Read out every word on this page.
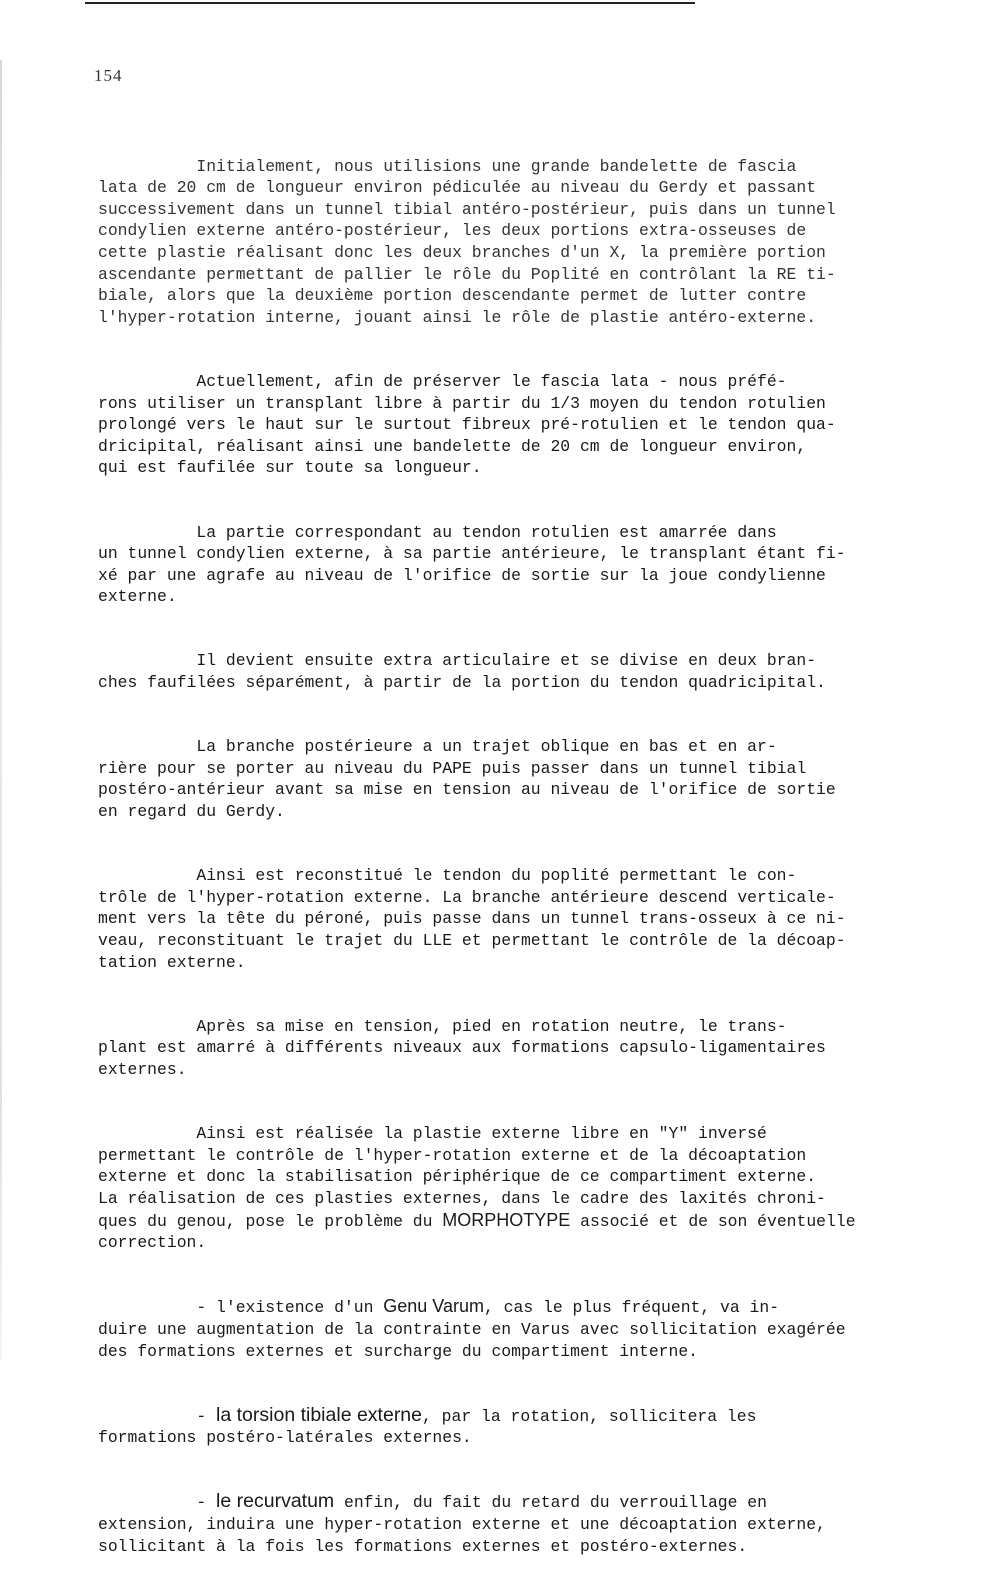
154

Initialement, nous utilisions une grande bandelette de fascia
lata de 20 cm de longueur environ pédiculée au niveau du Gerdy et passant
successivement dans un tunnel tibial antéro-postérieur, puis dans un tunnel
condylien externe antéro-postérieur, les deux portions extra-osseuses de
cette plastie réalisant donc les deux branches d'un X, la première portion
ascendante permettant de pallier le rôle du Poplité en contrôlant la RE ti-
biale, alors que la deuxième portion descendante permet de lutter contre
l'hyper-rotation interne, jouant ainsi le rôle de plastie antéro-externe.

Actuellement, afin de préserver le fascia lata - nous préfé-
rons utiliser un transplant libre à partir du 1/3 moyen du tendon rotulien
prolongé vers le haut sur le surtout fibreux pré-rotulien et le tendon qua-
dricipital, réalisant ainsi une bandelette de 20 cm de longueur environ,
qui est faufilée sur toute sa longueur.

La partie correspondant au tendon rotulien est amarrée dans
un tunnel condylien externe, à sa partie antérieure, le transplant étant fi-
xé par une agrafe au niveau de l'orifice de sortie sur la joue condylienne
externe.

Il devient ensuite extra articulaire et se divise en deux bran-
ches faufilées séparément, à partir de la portion du tendon quadricipital.

La branche postérieure a un trajet oblique en bas et en ar-
rière pour se porter au niveau du PAPE puis passer dans un tunnel tibial
postéro-antérieur avant sa mise en tension au niveau de l'orifice de sortie
en regard du Gerdy.

Ainsi est reconstitué le tendon du poplité permettant le con-
trôle de l'hyper-rotation externe. La branche antérieure descend verticale-
ment vers la tête du péroné, puis passe dans un tunnel trans-osseux à ce ni-
veau, reconstituant le trajet du LLE et permettant le contrôle de la décoap-
tation externe.

Après sa mise en tension, pied en rotation neutre, le trans-
plant est amarré à différents niveaux aux formations capsulo-ligamentaires
externes.

Ainsi est réalisée la plastie externe libre en "Y" inversé
permettant le contrôle de l'hyper-rotation externe et de la décoaptation
externe et donc la stabilisation périphérique de ce compartiment externe.
La réalisation de ces plasties externes, dans le cadre des laxités chroni-
ques du genou, pose le problème du MORPHOTYPE associé et de son éventuelle
correction.

- l'existence d'un Genu Varum, cas le plus fréquent, va in-
duire une augmentation de la contrainte en Varus avec sollicitation exagérée
des formations externes et surcharge du compartiment interne.

- la torsion tibiale externe, par la rotation, sollicitera les
formations postéro-latérales externes.

- le recurvatum enfin, du fait du retard du verrouillage en
extension, induira une hyper-rotation externe et une décoaptation externe,
sollicitant à la fois les formations externes et postéro-externes.
